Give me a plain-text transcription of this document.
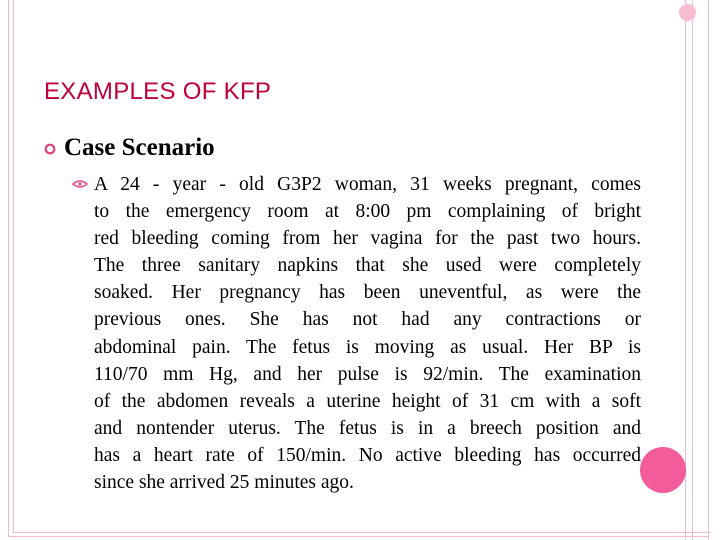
EXAMPLES OF KFP
Case Scenario
A 24 - year - old G3P2 woman, 31 weeks pregnant, comes
to the emergency room at 8:00 pm complaining of bright
red bleeding coming from her vagina for the past two hours.
The three sanitary napkins that she used were completely
soaked. Her pregnancy has been uneventful, as were the
previous ones. She has not had any contractions or
abdominal pain. The fetus is moving as usual. Her BP is
110/70 mm Hg, and her pulse is 92/min. The examination
of the abdomen reveals a uterine height of 31 cm with a soft
and nontender uterus. The fetus is in a breech position and
has a heart rate of 150/min. No active bleeding has occurred
since she arrived 25 minutes ago.
